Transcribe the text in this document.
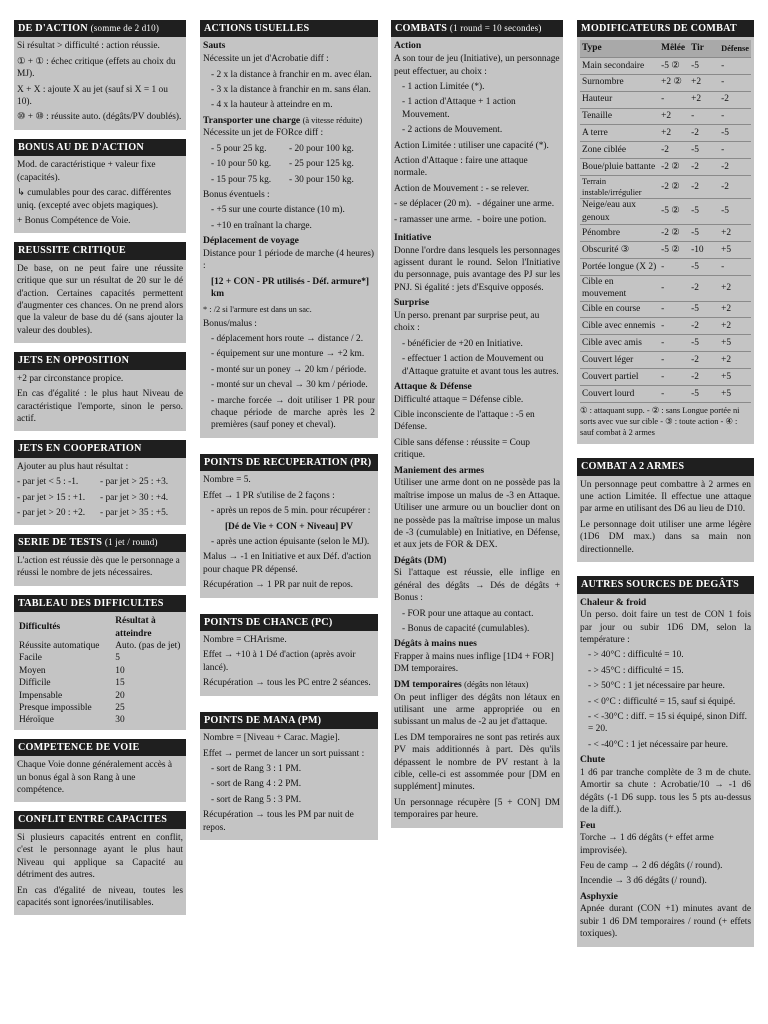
DE D'ACTION (somme de 2 d10)

Si résultat > difficulté : action réussie.

① + ① : échec critique (effets au choix du MJ).

X + X : ajoute X au jet (sauf si X = 1 ou 10).

⑩ + ⑩ : réussite auto. (dégâts/PV doublés).

BONUS AU DE D'ACTION

Mod. de caractéristique + valeur fixe (capacités).

↳ cumulables pour des carac. différentes uniq. (excepté avec objets magiques).

+ Bonus Compétence de Voie.

REUSSITE CRITIQUE

De base, on ne peut faire une réussite critique que sur un résultat de 20 sur le dé d'action. Certaines capacités permettent d'augmenter ces chances. On ne prend alors que la valeur de base du dé (sans ajouter la valeur des doubles).

JETS EN OPPOSITION

+2 par circonstance propice.

En cas d'égalité : le plus haut Niveau de caractéristique l'emporte, sinon le perso. actif.

JETS EN COOPERATION

Ajouter au plus haut résultat :

- par jet < 5 : -1.

- par jet > 15 : +1.

- par jet > 20 : +2.

- par jet > 25 : +3.

- par jet > 30 : +4.

- par jet > 35 : +5.

SERIE DE TESTS (1 jet / round)

L'action est réussie dès que le personnage a réussi le nombre de jets nécessaires.

TABLEAU DES DIFFICULTES
Difficultés	Résultat à atteindre
Réussite automatique	Auto. (pas de jet)
Facile	5
Moyen	10
Difficile	15
Impensable	20
Presque impossible	25
Héroïque	30
COMPETENCE DE VOIE

Chaque Voie donne généralement accès à un bonus égal à son Rang à une compétence.

CONFLIT ENTRE CAPACITES

Si plusieurs capacités entrent en conflit, c'est le personnage ayant le plus haut Niveau qui applique sa Capacité au détriment des autres.

En cas d'égalité de niveau, toutes les capacités sont ignorées/inutilisables.

ACTIONS USUELLES
Sauts

Nécessite un jet d'Acrobatie diff :

- 2 x la distance à franchir en m. avec élan.

- 3 x la distance à franchir en m. sans élan.

- 4 x la hauteur à atteindre en m.

Transporter une charge (à vitesse réduite)

Nécessite un jet de FORce diff :

- 5 pour 25 kg.

- 10 pour 50 kg.

- 15 pour 75 kg.

- 20 pour 100 kg.

- 25 pour 125 kg.

- 30 pour 150 kg.

Bonus éventuels :

- +5 sur une courte distance (10 m).

- +10 en traînant la charge.

Déplacement de voyage

Distance pour 1 période de marche (4 heures) :

[12 + CON - PR utilisés - Déf. armure*] km

* : /2 si l'armure est dans un sac.

Bonus/malus :

- déplacement hors route → distance / 2.

- équipement sur une monture → +2 km.

- monté sur un poney → 20 km / période.

- monté sur un cheval → 30 km / période.

- marche forcée → doit utiliser 1 PR pour chaque période de marche après les 2 premières (sauf poney et cheval).

POINTS DE RECUPERATION (PR)

Nombre = 5.

Effet → 1 PR s'utilise de 2 façons :

- après un repos de 5 min. pour récupérer :

[Dé de Vie + CON + Niveau] PV

- après une action épuisante (selon le MJ).

Malus → -1 en Initiative et aux Déf. d'action pour chaque PR dépensé.

Récupération → 1 PR par nuit de repos.

POINTS DE CHANCE (PC)

Nombre = CHArisme.

Effet → +10 à 1 Dé d'action (après avoir lancé).

Récupération → tous les PC entre 2 séances.

POINTS DE MANA (PM)

Nombre = [Niveau + Carac. Magie].

Effet → permet de lancer un sort puissant :

- sort de Rang 3 : 1 PM.

- sort de Rang 4 : 2 PM.

- sort de Rang 5 : 3 PM.

Récupération → tous les PM par nuit de repos.

COMBATS (1 round = 10 secondes)
Action

A son tour de jeu (Initiative), un personnage peut effectuer, au choix :

- 1 action Limitée (*).

- 1 action d'Attaque + 1 action Mouvement.

- 2 actions de Mouvement.

Action Limitée : utiliser une capacité (*).

Action d'Attaque : faire une attaque normale.

Action de Mouvement : - se relever.

- se déplacer (20 m).

- ramasser une arme.

- dégainer une arme.

- boire une potion.

Initiative

Donne l'ordre dans lesquels les personnages agissent durant le round. Selon l'Initiative du personnage, puis avantage des PJ sur les PNJ. Si égalité : jets d'Esquive opposés.

Surprise

Un perso. prenant par surprise peut, au choix :

- bénéficier de +20 en Initiative.

- effectuer 1 action de Mouvement ou d'Attaque gratuite et avant tous les autres.

Attaque & Défense

Difficulté attaque = Défense cible.

Cible inconsciente de l'attaque : -5 en Défense.

Cible sans défense : réussite = Coup critique.

Maniement des armes

Utiliser une arme dont on ne possède pas la maîtrise impose un malus de -3 en Attaque. Utiliser une armure ou un bouclier dont on ne possède pas la maîtrise impose un malus de -3 (cumulable) en Initiative, en Défense, et aux jets de FOR & DEX.

Dégâts (DM)

Si l'attaque est réussie, elle inflige en général des dégâts → Dés de dégâts + Bonus :

- FOR pour une attaque au contact.

- Bonus de capacité (cumulables).

Dégâts à mains nues

Frapper à mains nues inflige [1D4 + FOR] DM temporaires.

DM temporaires (dégâts non létaux)

On peut infliger des dégâts non létaux en utilisant une arme appropriée ou en subissant un malus de -2 au jet d'attaque.

Les DM temporaires ne sont pas retirés aux PV mais additionnés à part. Dès qu'ils dépassent le nombre de PV restant à la cible, celle-ci est assommée pour [DM en supplément] minutes.

Un personnage récupère [5 + CON] DM temporaires par heure.

MODIFICATEURS DE COMBAT
Type	Mêlée	Tir	Défense
Main secondaire	-5 ②	-5	-
Surnombre	+2 ②	+2	-
Hauteur	-	+2	-2
Tenaille	+2	-	-
A terre	+2	-2	-5
Zone ciblée	-2	-5	-
Boue/pluie battante	-2 ②	-2	-2
Terrain instable/irrégulier	-2 ②	-2	-2
Neige/eau aux genoux	-5 ②	-5	-5
Pénombre	-2 ②	-5	+2
Obscurité ③	-5 ②	-10	+5
Portée longue (X 2)	-	-5	-
Cible en mouvement	-	-2	+2
Cible en course	-	-5	+2
Cible avec ennemis	-	-2	+2
Cible avec amis	-	-5	+5
Couvert léger	-	-2	+2
Couvert partiel	-	-2	+5
Couvert lourd	-	-5	+5

① : attaquant supp. - ② : sans Longue portée ni sorts avec vue sur cible - ③ : toute action - ④ : sauf combat à 2 armes

COMBAT A 2 ARMES

Un personnage peut combattre à 2 armes en une action Limitée. Il effectue une attaque par arme en utilisant des D6 au lieu de D10.

Le personnage doit utiliser une arme légère (1D6 DM max.) dans sa main non directionnelle.

AUTRES SOURCES DE DEGÂTS
Chaleur & froid

Un perso. doit faire un test de CON 1 fois par jour ou subir 1D6 DM, selon la température :

- > 40°C : difficulté = 10.

- > 45°C : difficulté = 15.

- > 50°C : 1 jet nécessaire par heure.

- < 0°C : difficulté = 15, sauf si équipé.

- < -30°C : diff. = 15 si équipé, sinon Diff. = 20.

- < -40°C : 1 jet nécessaire par heure.

Chute

1 d6 par tranche complète de 3 m de chute. Amortir sa chute : Acrobatie/10 → -1 d6 dégâts (-1 D6 supp. tous les 5 pts au-dessus de la diff.).

Feu

Torche → 1 d6 dégâts (+ effet arme improvisée).

Feu de camp → 2 d6 dégâts (/ round).

Incendie → 3 d6 dégâts (/ round).

Asphyxie

Apnée durant (CON +1) minutes avant de subir 1 d6 DM temporaires / round (+ effets toxiques).
